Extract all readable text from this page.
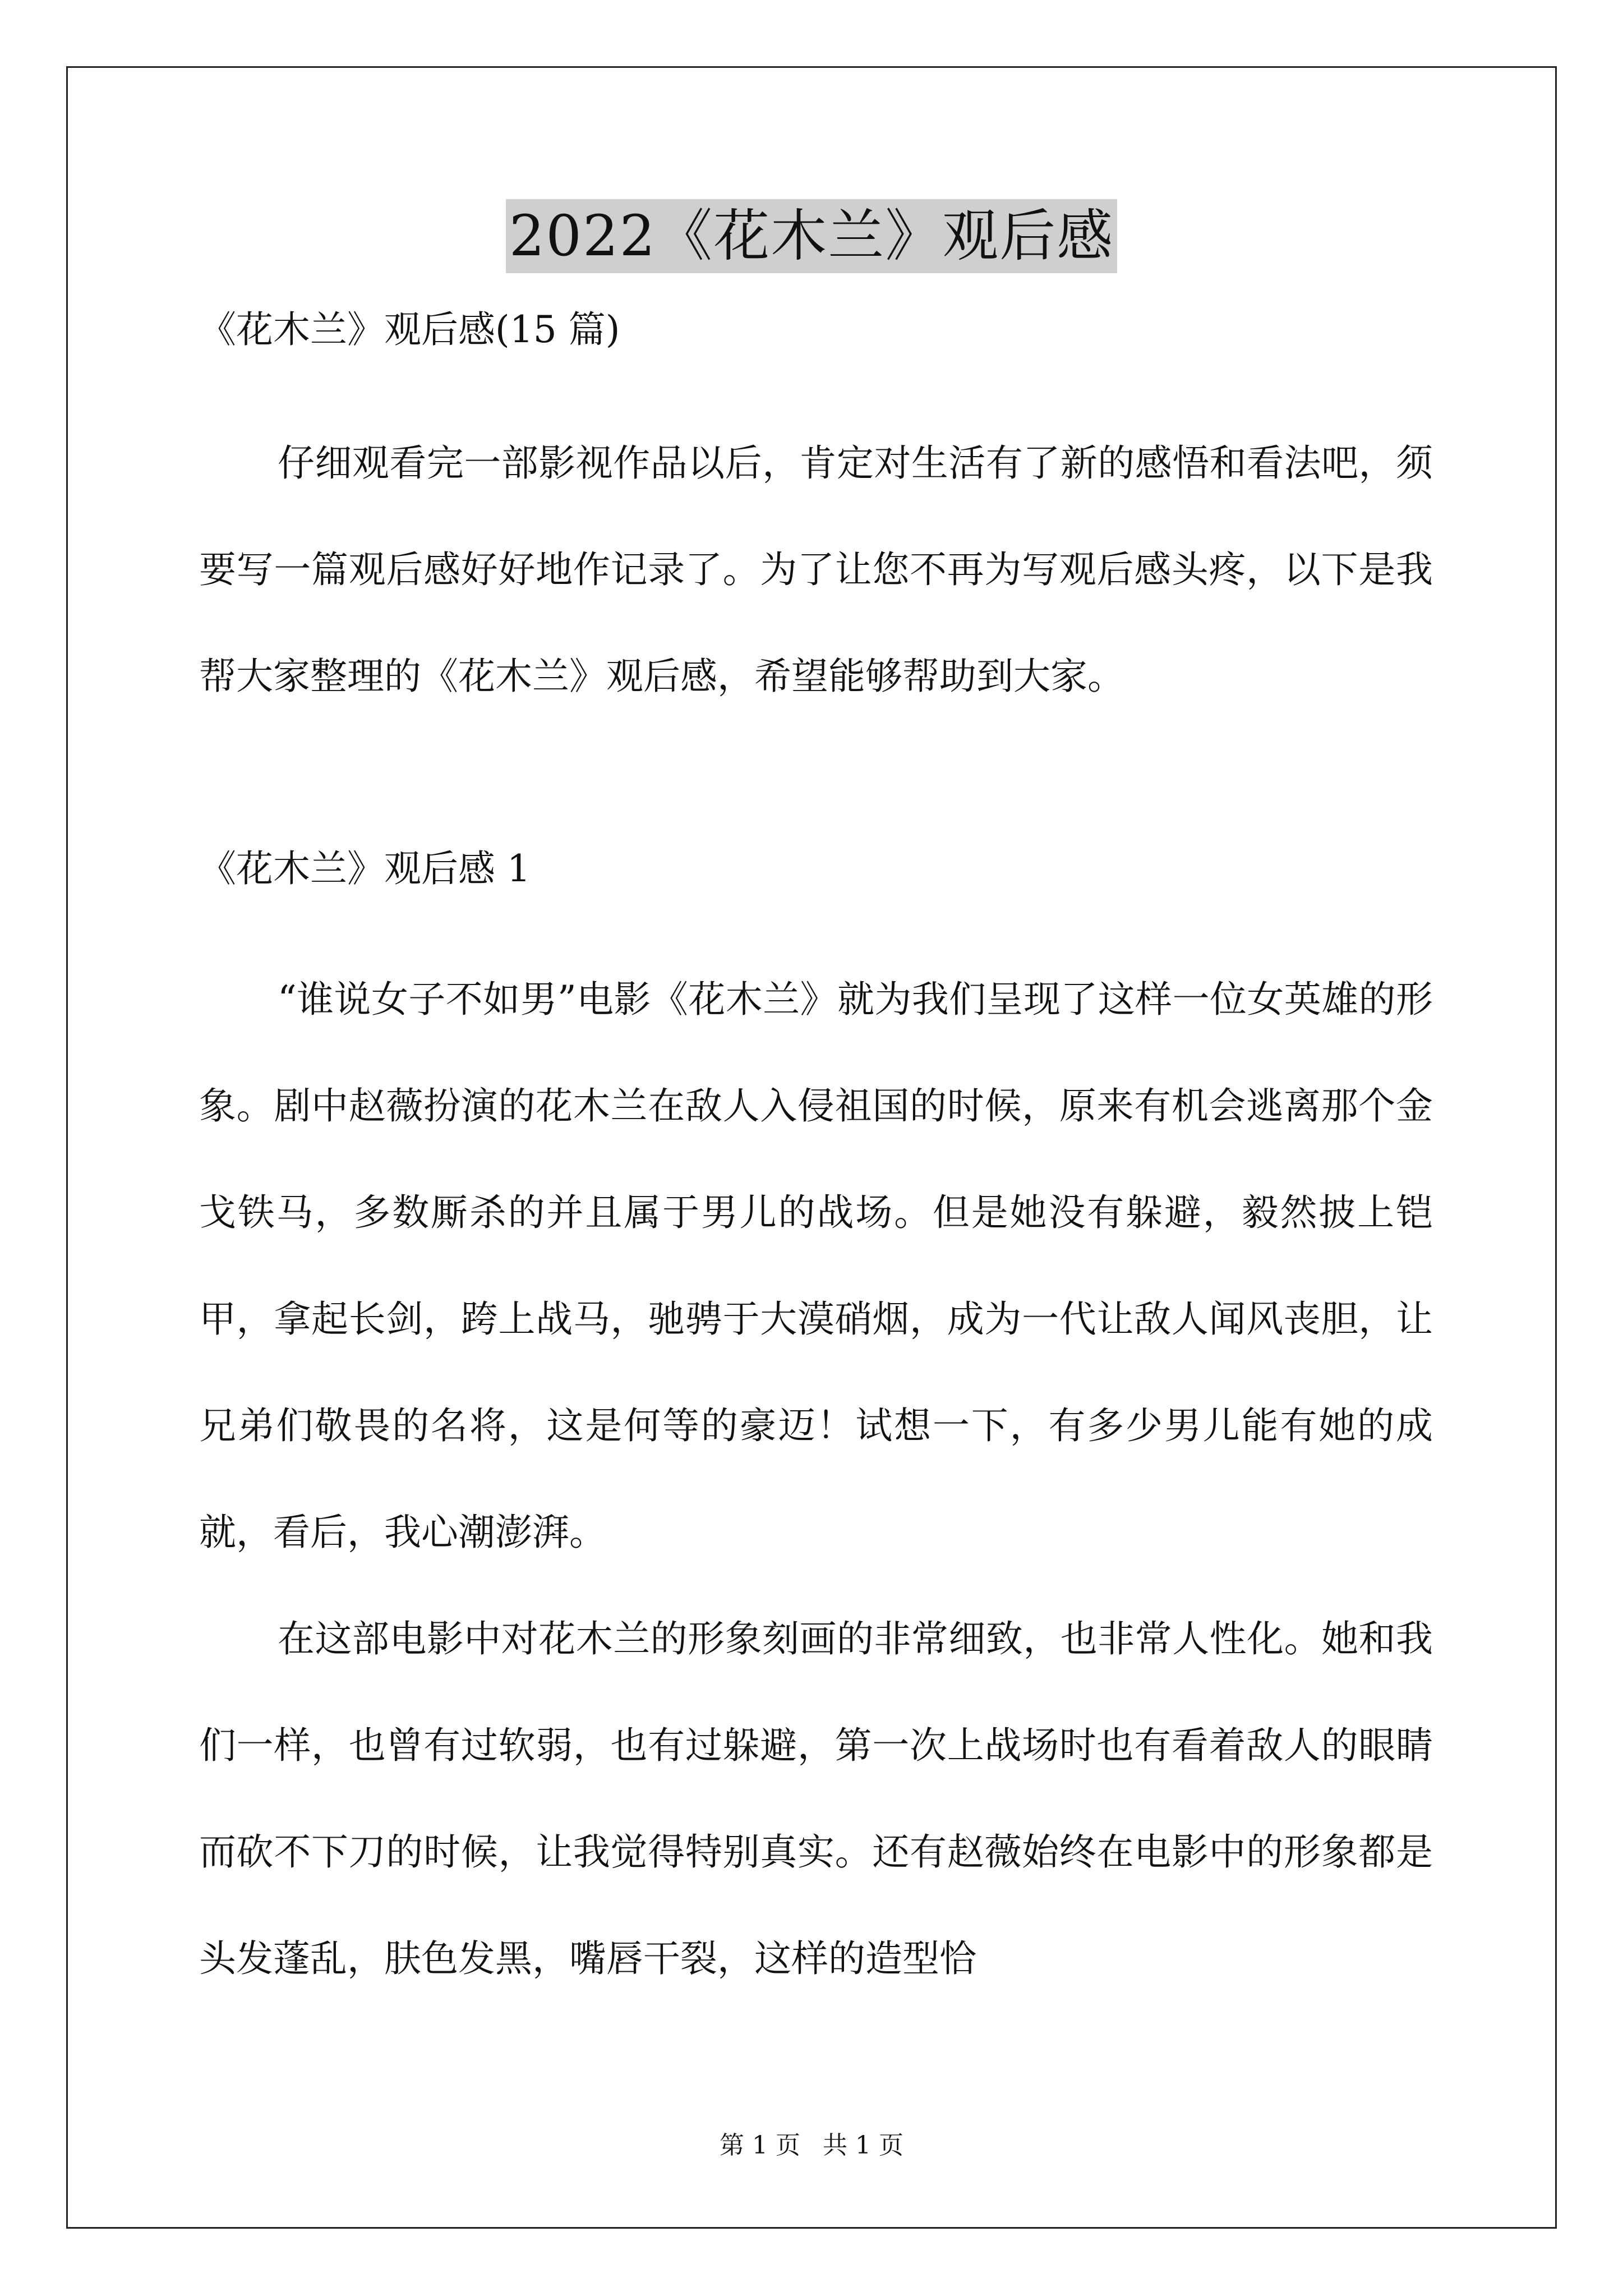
2022《花木兰》观后感

《花木兰》观后感(15 篇)

仔细观看完一部影视作品以后，肯定对生活有了新的感悟和看法吧，须要写一篇观后感好好地作记录了。为了让您不再为写观后感头疼，以下是我帮大家整理的《花木兰》观后感，希望能够帮助到大家。

《花木兰》观后感 1

“谁说女子不如男”电影《花木兰》就为我们呈现了这样一位女英雄的形象。剧中赵薇扮演的花木兰在敌人入侵祖国的时候，原来有机会逃离那个金戈铁马，多数厮杀的并且属于男儿的战场。但是她没有躲避，毅然披上铠甲，拿起长剑，跨上战马，驰骋于大漠硝烟，成为一代让敌人闻风丧胆，让兄弟们敬畏的名将，这是何等的豪迈！试想一下，有多少男儿能有她的成就，看后，我心潮澎湃。

在这部电影中对花木兰的形象刻画的非常细致，也非常人性化。她和我们一样，也曾有过软弱，也有过躲避，第一次上战场时也有看着敌人的眼睛而砍不下刀的时候，让我觉得特别真实。还有赵薇始终在电影中的形象都是头发蓬乱，肤色发黑，嘴唇干裂，这样的造型恰

第 1 页 共 1 页
